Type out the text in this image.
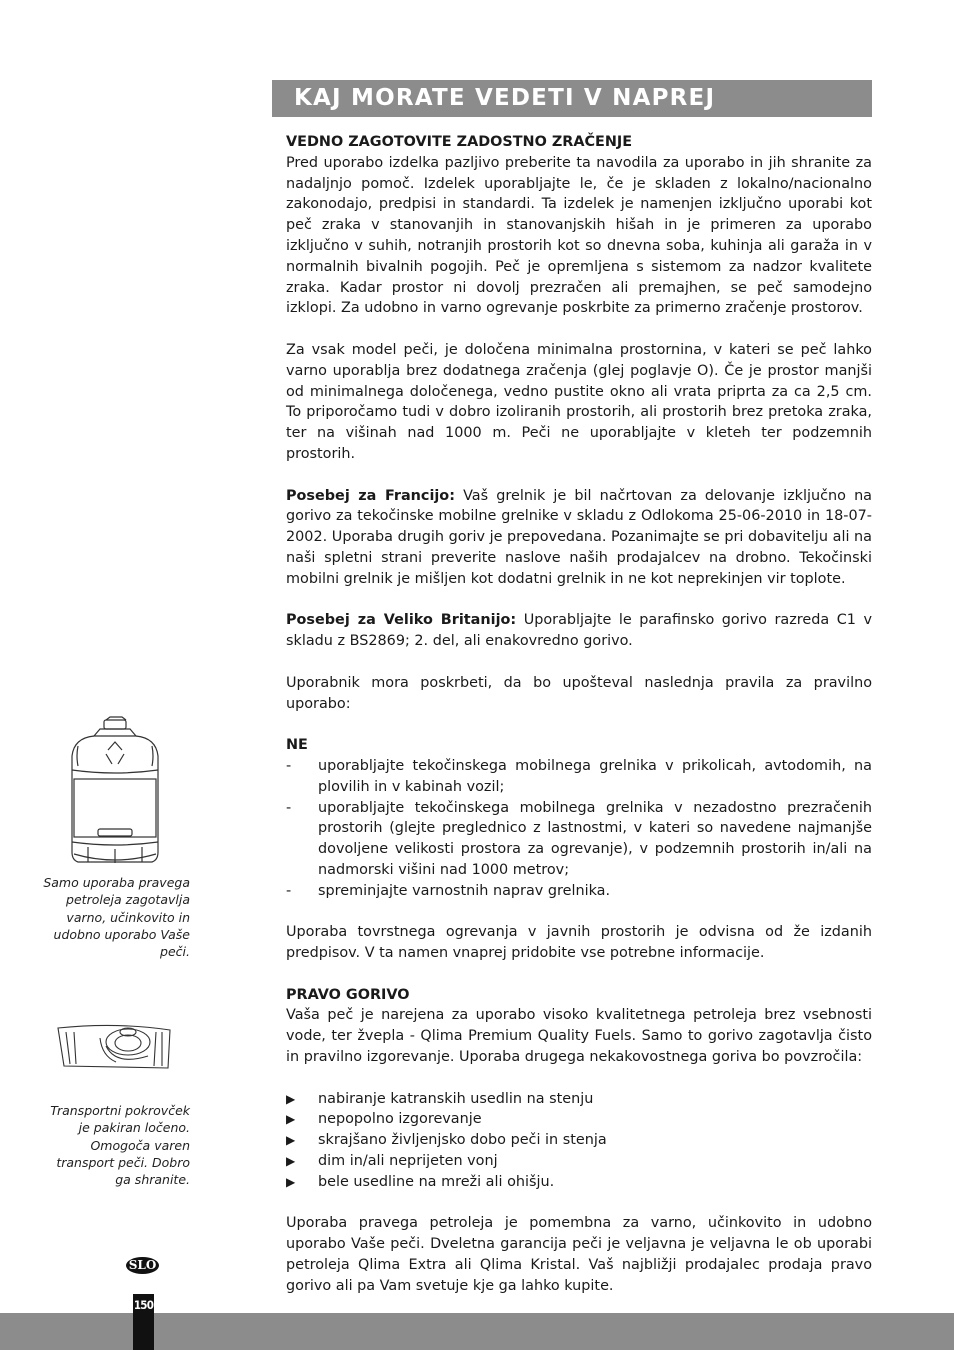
KAJ MORATE VEDETI V NAPREJ

VEDNO ZAGOTOVITE ZADOSTNO ZRAČENJE

Pred uporabo izdelka pazljivo preberite ta navodila za uporabo in jih shranite za nadaljnjo pomoč. Izdelek uporabljajte le, če je skladen z lokalno/nacionalno zakonodajo, predpisi in standardi. Ta izdelek je namenjen izključno uporabi kot peč zraka v stanovanjih in stanovanjskih hišah in je primeren za uporabo izključno v suhih, notranjih prostorih kot so dnevna soba, kuhinja ali garaža in v normalnih bivalnih pogojih. Peč je opremljena s sistemom za nadzor kvalitete zraka. Kadar prostor ni dovolj prezračen ali premajhen, se peč samodejno izklopi. Za udobno in varno ogrevanje poskrbite za primerno zračenje prostorov.

Za vsak model peči, je določena minimalna prostornina, v kateri se peč lahko varno uporablja brez dodatnega zračenja (glej poglavje O). Če je prostor manjši od minimalnega določenega, vedno pustite okno ali vrata priprta za ca 2,5 cm. To priporočamo tudi v dobro izoliranih prostorih, ali prostorih brez pretoka zraka, ter na višinah nad 1000 m. Peči ne uporabljajte v kleteh ter podzemnih prostorih.

Posebej za Francijo: Vaš grelnik je bil načrtovan za delovanje izključno na gorivo za tekočinske mobilne grelnike v skladu z Odlokoma 25-06-2010 in 18-07-2002. Uporaba drugih goriv je prepovedana. Pozanimajte se pri dobavitelju ali na naši spletni strani preverite naslove naših prodajalcev na drobno. Tekočinski mobilni grelnik je mišljen kot dodatni grelnik in ne kot neprekinjen vir toplote.

Posebej za Veliko Britanijo: Uporabljajte le parafinsko gorivo razreda C1 v skladu z BS2869; 2. del, ali enakovredno gorivo.

Uporabnik mora poskrbeti, da bo upošteval naslednja pravila za pravilno uporabo:

NE

- uporabljajte tekočinskega mobilnega grelnika v prikolicah, avtodomih, na plovilih in v kabinah vozil;
- uporabljajte tekočinskega mobilnega grelnika v nezadostno prezračenih prostorih (glejte preglednico z lastnostmi, v kateri so navedene najmanjše dovoljene velikosti prostora za ogrevanje), v podzemnih prostorih in/ali na nadmorski višini nad 1000 metrov;
- spreminjajte varnostnih naprav grelnika.

Uporaba tovrstnega ogrevanja v javnih prostorih je odvisna od že izdanih predpisov. V ta namen vnaprej pridobite vse potrebne informacije.

PRAVO GORIVO

Vaša peč je narejena za uporabo visoko kvalitetnega petroleja brez vsebnosti vode, ter žvepla - Qlima Premium Quality Fuels. Samo to gorivo zagotavlja čisto in pravilno izgorevanje. Uporaba drugega nekakovostnega goriva bo povzročila:

▶ nabiranje katranskih usedlin na stenju
▶ nepopolno izgorevanje
▶ skrajšano življenjsko dobo peči in stenja
▶ dim in/ali neprijeten vonj
▶ bele usedline na mreži ali ohišju.

Uporaba pravega petroleja je pomembna za varno, učinkovito in udobno uporabo Vaše peči. Dveletna garancija peči je veljavna je veljavna le ob uporabi petroleja Qlima Extra ali Qlima Kristal. Vaš najbližji prodajalec prodaja pravo gorivo ali pa Vam svetuje kje ga lahko kupite.

Samo uporaba pravega petroleja zagotavlja varno, učinkovito in udobno uporabo Vaše peči.
Transportni pokrovček je pakiran ločeno. Omogoča varen transport peči. Dobro ga shranite.
SLO
150
